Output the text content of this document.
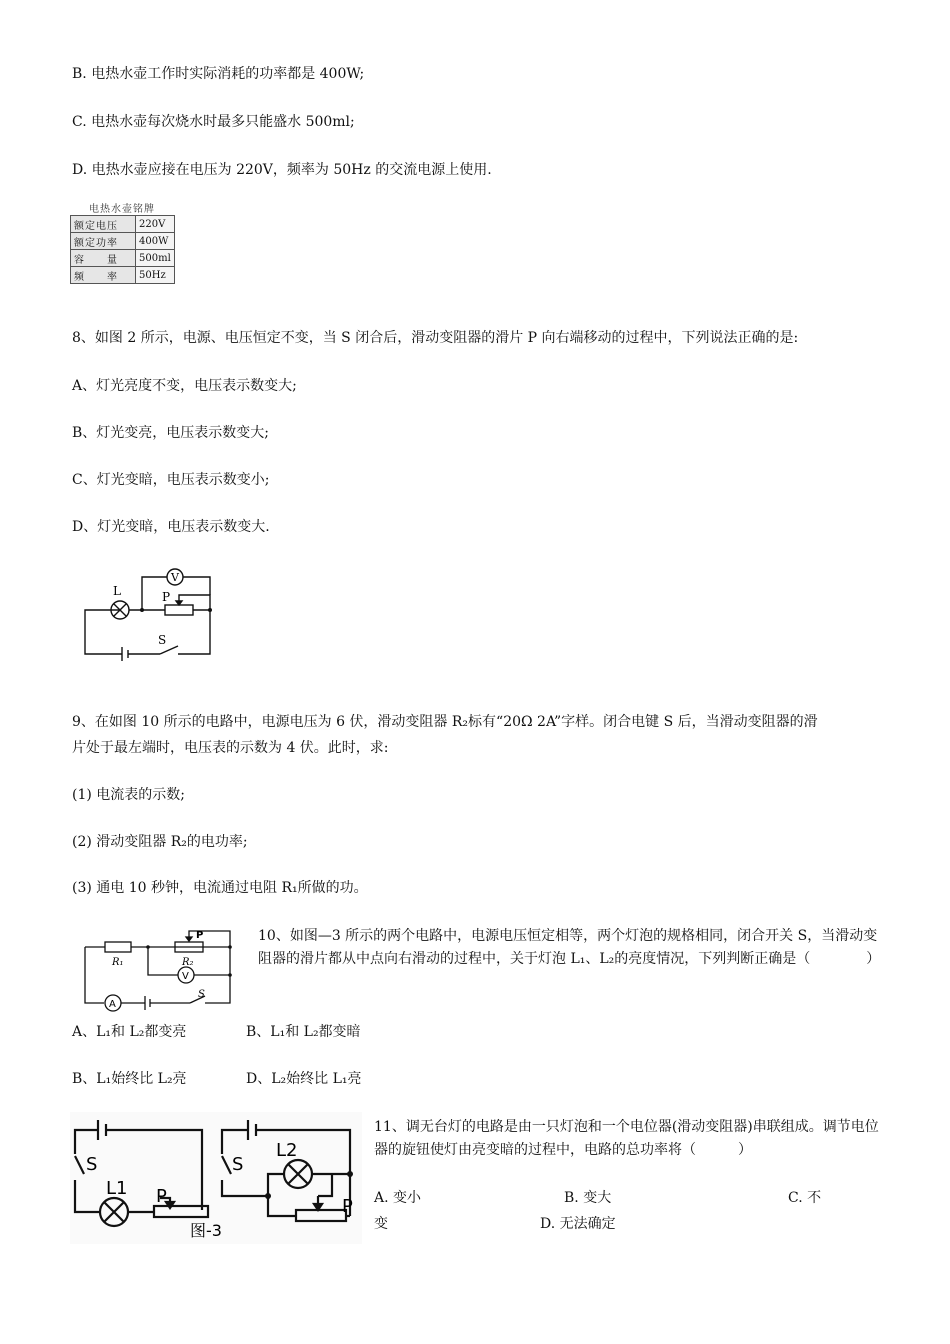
B. 电热水壶工作时实际消耗的功率都是 400W;
C. 电热水壶每次烧水时最多只能盛水 500ml;
D. 电热水壶应接在电压为 220V，频率为 50Hz 的交流电源上使用.
电热水壶铭牌
额定电压	220V
额定功率	400W
容　　量	500ml
频　　率	50Hz
8、如图 2 所示，电源、电压恒定不变，当 S 闭合后，滑动变阻器的滑片 P 向右端移动的过程中，下列说法正确的是:
A、灯光亮度不变，电压表示数变大;
B、灯光变亮，电压表示数变大;
C、灯光变暗，电压表示数变小;
D、灯光变暗，电压表示数变大.
L	P
S
V
9、在如图 10 所示的电路中，电源电压为 6 伏，滑动变阻器 R₂标有“20Ω 2A”字样。闭合电键 S 后，当滑动变阻器的滑
片处于最左端时，电压表的示数为 4 伏。此时，求:
(1) 电流表的示数;
(2) 滑动变阻器 R₂的电功率;
(3) 通电 10 秒钟，电流通过电阻 R₁所做的功。
R₁	R₂
P
A
V
S
10、如图—3 所示的两个电路中，电源电压恒定相等，两个灯泡的规格相同，闭合开关 S，当滑动变阻器的滑片都从中点向右滑动的过程中，关于灯泡 L₁、L₂的亮度情况，下列判断正确是（　　　　）
A、L₁和 L₂都变亮	B、L₁和 L₂都变暗
B、L₁始终比 L₂亮	D、L₂始终比 L₁亮
S
L1 P
S
L2
P
图-3
11、调无台灯的电路是由一只灯泡和一个电位器(滑动变阻器)串联组成。调节电位器的旋钮使灯由亮变暗的过程中，电路的总功率将（　　　）
A. 变小	B. 变大	C. 不
变	D. 无法确定
